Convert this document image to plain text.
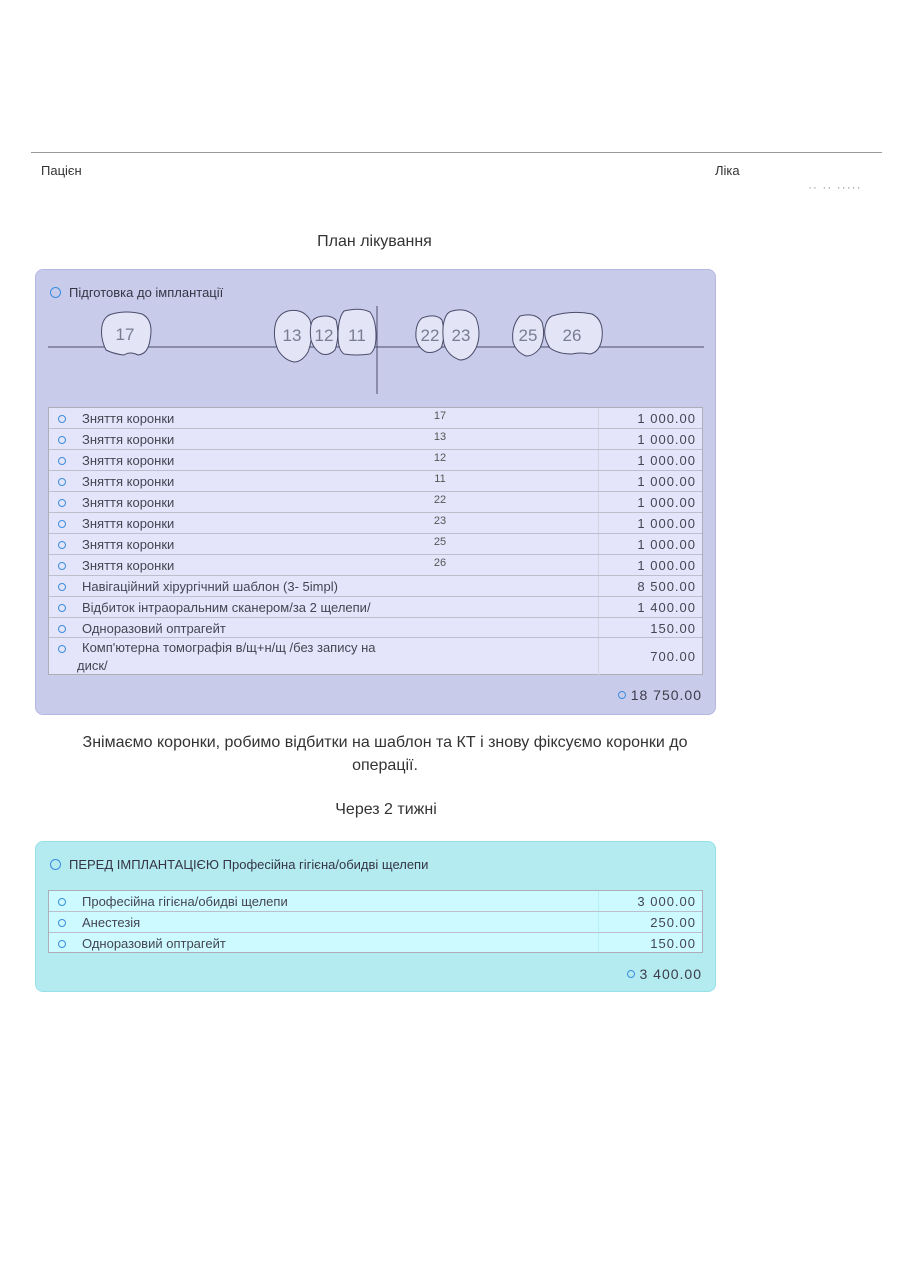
Пацієн	Ліка
·· ·· ·····
План лікування
Підготовка до імплантації
17	13 12 11	22 23	25 26
Зняття коронки	17	1 000.00
Зняття коронки	13	1 000.00
Зняття коронки	12	1 000.00
Зняття коронки	11	1 000.00
Зняття коронки	22	1 000.00
Зняття коронки	23	1 000.00
Зняття коронки	25	1 000.00
Зняття коронки	26	1 000.00
Навігаційний хірургічний шаблон (3- 5impl)	8 500.00
Відбиток інтраоральним сканером/за 2 щелепи/	1 400.00
Одноразовий оптрагейт	150.00
Комп'ютерна томографія в/щ+н/щ /без запису на диск/
700.00
18 750.00
Знімаємо коронки, робимо відбитки на шаблон та КТ і знову фіксуємо коронки до операції.
Через 2 тижні
ПЕРЕД ІМПЛАНТАЦІЄЮ Професійна гігієна/обидві щелепи
Професійна гігієна/обидві щелепи	3 000.00
Анестезія	250.00
Одноразовий оптрагейт	150.00
3 400.00
